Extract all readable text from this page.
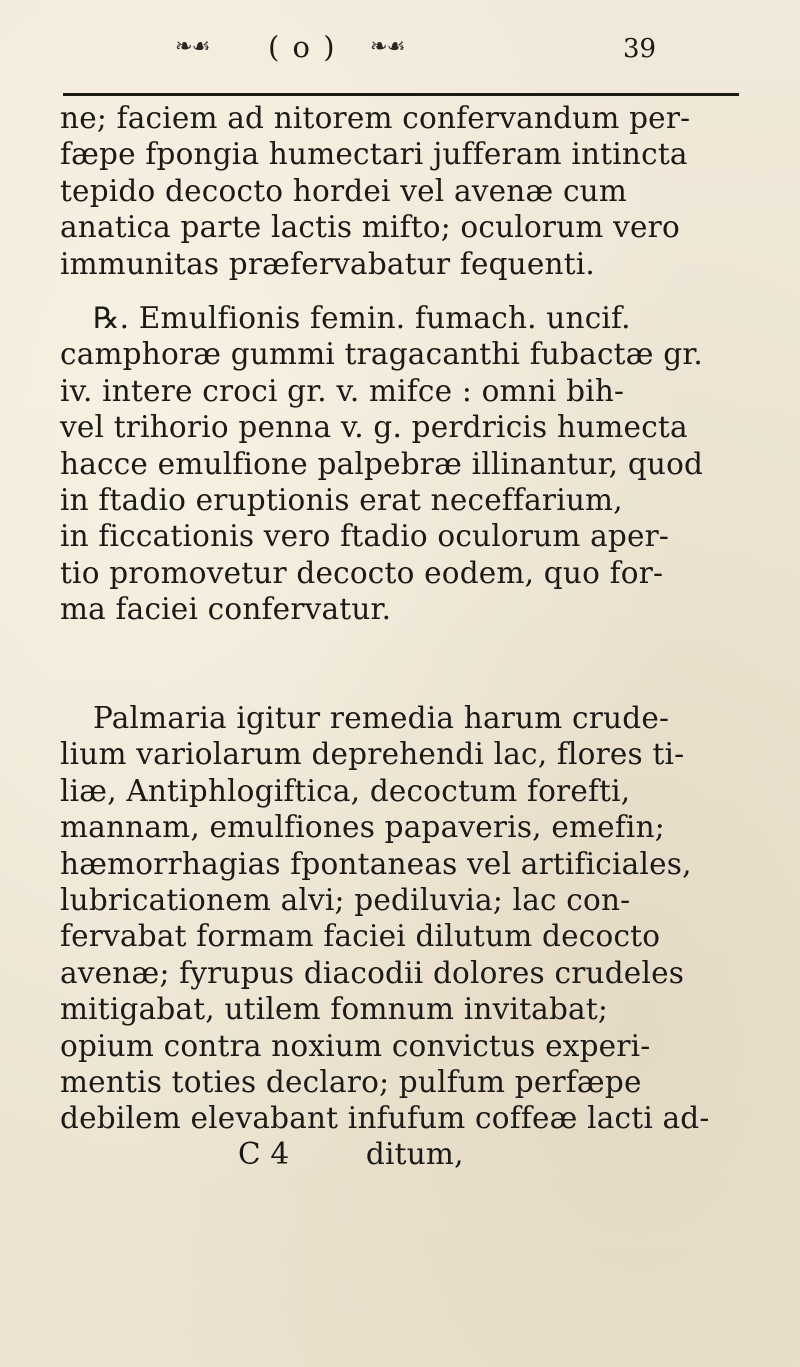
❧☙ ( o ) ❧☙	39
ne; faciem ad nitorem confervandum per-
fæpe fpongia humectari jufferam intincta
tepido decocto hordei vel avenæ cum
anatica parte lactis mifto; oculorum vero
immunitas præfervabatur fequenti.
℞. Emulfionis femin. fumach. uncif.
camphoræ gummi tragacanthi fubactæ gr.
iv. intere croci gr. v. mifce : omni bih-
vel trihorio penna v. g. perdricis humecta
hacce emulfione palpebræ illinantur, quod
in ftadio eruptionis erat neceffarium,
in ficcationis vero ftadio oculorum aper-
tio promovetur decocto eodem, quo for-
ma faciei confervatur.
Palmaria igitur remedia harum crude-
lium variolarum deprehendi lac, flores ti-
liæ, Antiphlogiftica, decoctum forefti,
mannam, emulfiones papaveris, emefin;
hæmorrhagias fpontaneas vel artificiales,
lubricationem alvi; pediluvia; lac con-
fervabat formam faciei dilutum decocto
avenæ; fyrupus diacodii dolores crudeles
mitigabat, utilem fomnum invitabat;
opium contra noxium convictus experi-
mentis toties declaro; pulfum perfæpe
debilem elevabant infufum coffeæ lacti ad-
C 4        ditum,
